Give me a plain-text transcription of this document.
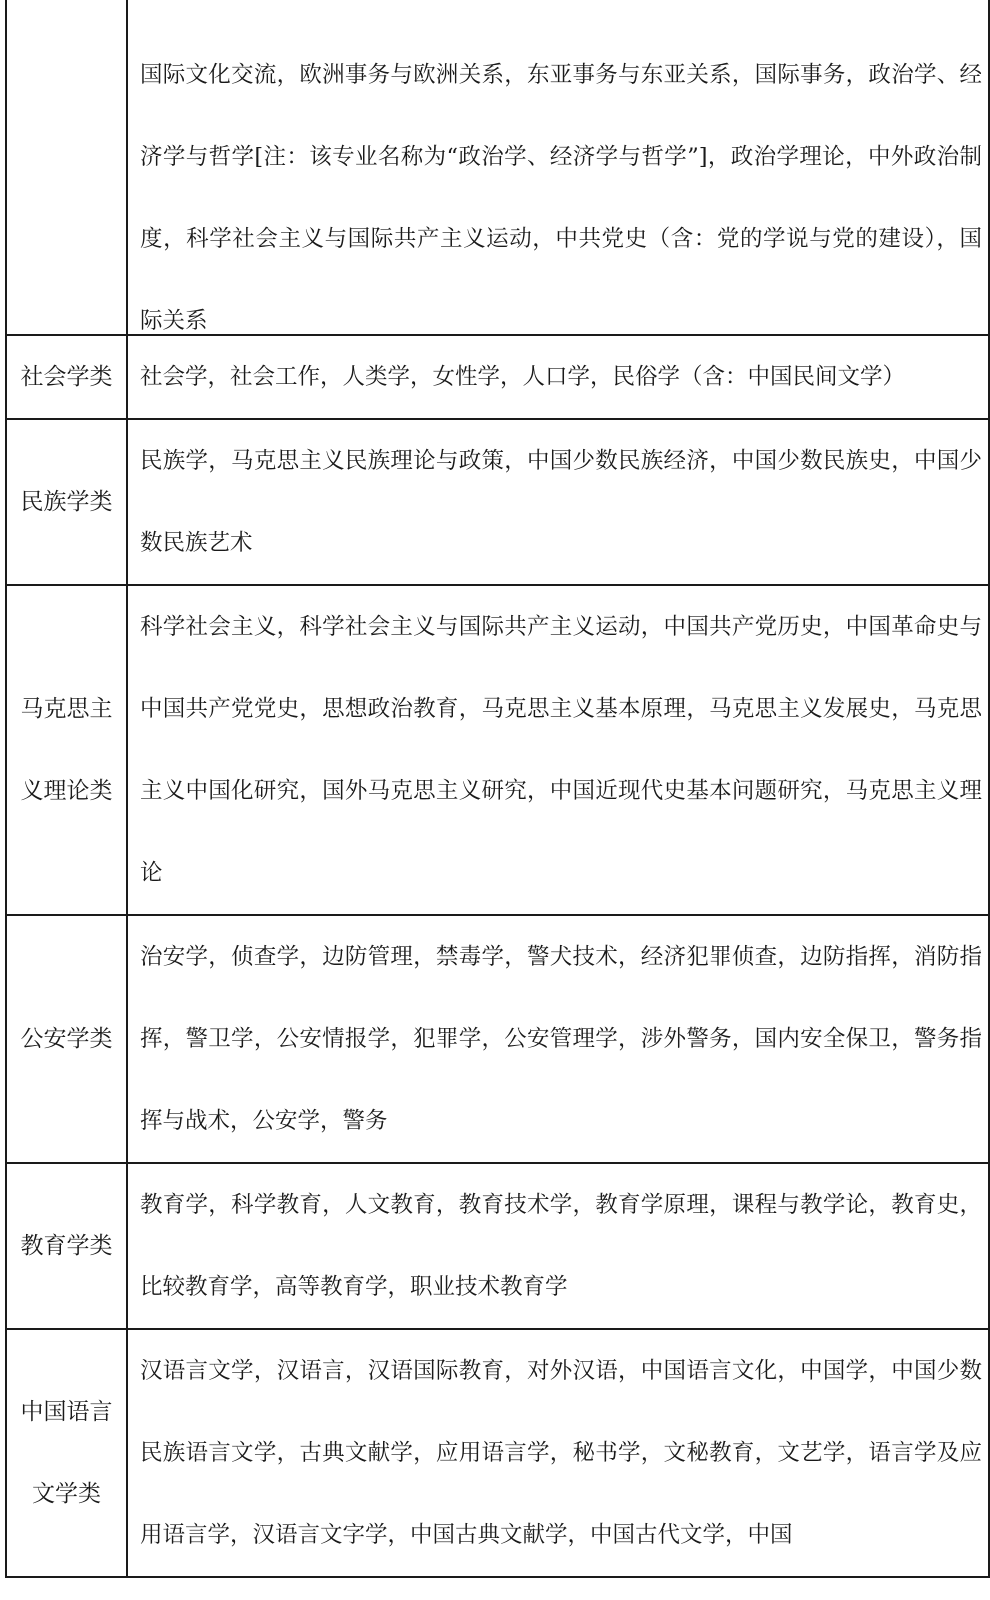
	国际文化交流，欧洲事务与欧洲关系，东亚事务与东亚关系，国际事务，政治学、经济学与哲学[注：该专业名称为“政治学、经济学与哲学”]，政治学理论，中外政治制度，科学社会主义与国际共产主义运动，中共党史（含：党的学说与党的建设），国际关系

社会学类	社会学，社会工作，人类学，女性学，人口学，民俗学（含：中国民间文学）

民族学类	民族学，马克思主义民族理论与政策，中国少数民族经济，中国少数民族史，中国少数民族艺术

马克思主义理论类	科学社会主义，科学社会主义与国际共产主义运动，中国共产党历史，中国革命史与中国共产党党史，思想政治教育，马克思主义基本原理，马克思主义发展史，马克思主义中国化研究，国外马克思主义研究，中国近现代史基本问题研究，马克思主义理论

公安学类	治安学，侦查学，边防管理，禁毒学，警犬技术，经济犯罪侦查，边防指挥，消防指挥，警卫学，公安情报学，犯罪学，公安管理学，涉外警务，国内安全保卫，警务指挥与战术，公安学，警务

教育学类	教育学，科学教育，人文教育，教育技术学，教育学原理，课程与教学论，教育史，比较教育学，高等教育学，职业技术教育学

中国语言文学类	汉语言文学，汉语言，汉语国际教育，对外汉语，中国语言文化，中国学，中国少数民族语言文学，古典文献学，应用语言学，秘书学，文秘教育，文艺学，语言学及应用语言学，汉语言文字学，中国古典文献学，中国古代文学，中国
